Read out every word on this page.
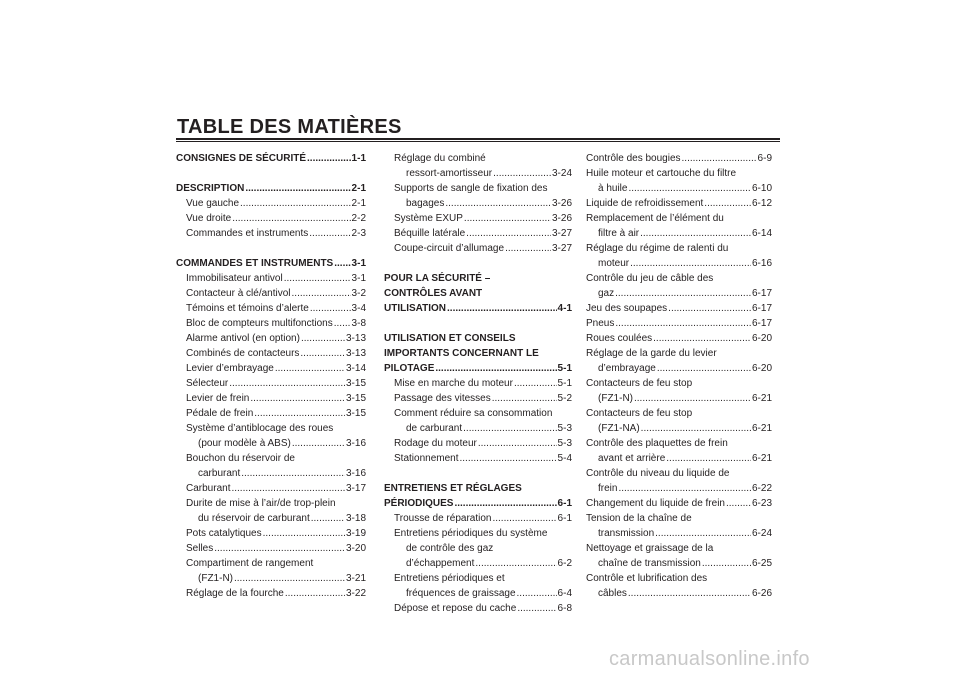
TABLE DES MATIÈRES
CONSIGNES DE SÉCURITÉ .....	1-1
DESCRIPTION .....	2-1
Vue gauche .....	2-1
Vue droite .....	2-2
Commandes et instruments .....	2-3
COMMANDES ET INSTRUMENTS ..... 3-1
Immobilisateur antivol .....	3-1
Contacteur à clé/antivol .....	3-2
Témoins et témoins d’alerte .....	3-4
Bloc de compteurs multifonctions ..... 3-8
Alarme antivol (en option) .....	3-13
Combinés de contacteurs .....	3-13
Levier d’embrayage .....	3-14
Sélecteur .....	3-15
Levier de frein .....	3-15
Pédale de frein .....	3-15
Système d’antiblocage des roues
(pour modèle à ABS) .....	3-16
Bouchon du réservoir de
carburant .....	3-16
Carburant .....	3-17
Durite de mise à l’air/de trop-plein
du réservoir de carburant .....	3-18
Pots catalytiques .....	3-19
Selles .....	3-20
Compartiment de rangement
(FZ1-N) .....	3-21
Réglage de la fourche .....	3-22
Réglage du combiné
ressort-amortisseur .....	3-24
Supports de sangle de fixation des
bagages .....	3-26
Système EXUP .....	3-26
Béquille latérale .....	3-27
Coupe-circuit d’allumage .....	3-27
POUR LA SÉCURITÉ –
CONTRÔLES AVANT
UTILISATION .....	4-1
UTILISATION ET CONSEILS
IMPORTANTS CONCERNANT LE
PILOTAGE .....	5-1
Mise en marche du moteur .....	5-1
Passage des vitesses .....	5-2
Comment réduire sa consommation
de carburant .....	5-3
Rodage du moteur .....	5-3
Stationnement .....	5-4
ENTRETIENS ET RÉGLAGES
PÉRIODIQUES .....	6-1
Trousse de réparation .....	6-1
Entretiens périodiques du système
de contrôle des gaz
d’échappement .....	6-2
Entretiens périodiques et
fréquences de graissage .....	6-4
Dépose et repose du cache .....	6-8
Contrôle des bougies .....	6-9
Huile moteur et cartouche du filtre
à huile .....	6-10
Liquide de refroidissement .....	6-12
Remplacement de l’élément du
filtre à air .....	6-14
Réglage du régime de ralenti du
moteur .....	6-16
Contrôle du jeu de câble des
gaz .....	6-17
Jeu des soupapes .....	6-17
Pneus .....	6-17
Roues coulées .....	6-20
Réglage de la garde du levier
d’embrayage .....	6-20
Contacteurs de feu stop
(FZ1-N) .....	6-21
Contacteurs de feu stop
(FZ1-NA) .....	6-21
Contrôle des plaquettes de frein
avant et arrière .....	6-21
Contrôle du niveau du liquide de
frein .....	6-22
Changement du liquide de frein .....	6-23
Tension de la chaîne de
transmission .....	6-24
Nettoyage et graissage de la
chaîne de transmission .....	6-25
Contrôle et lubrification des
câbles .....	6-26
carmanualsonline.info
